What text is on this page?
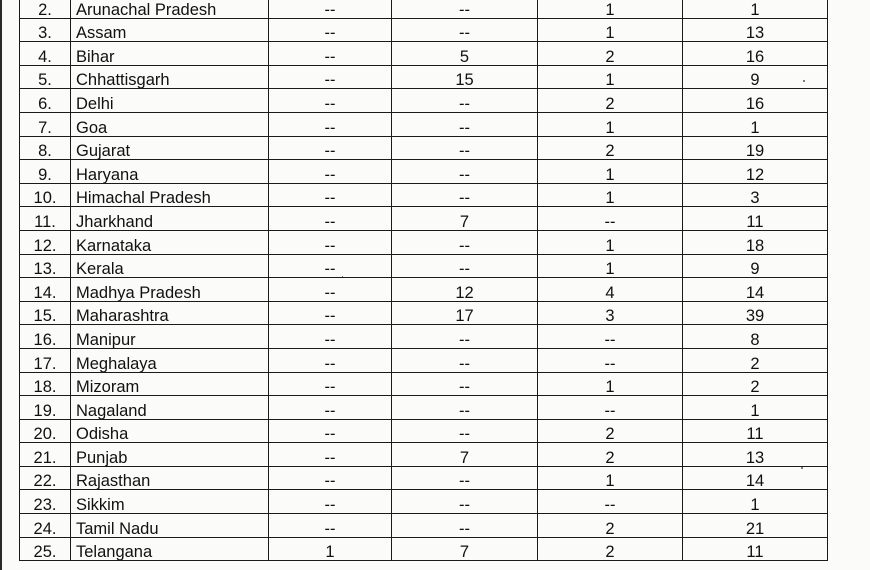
2.	Arunachal Pradesh	--	--	1	1
3.	Assam	--	--	1	13
4.	Bihar	--	5	2	16
5.	Chhattisgarh	--	15	1	9
6.	Delhi	--	--	2	16
7.	Goa	--	--	1	1
8.	Gujarat	--	--	2	19
9.	Haryana	--	--	1	12
10.	Himachal Pradesh	--	--	1	3
11.	Jharkhand	--	7	--	11
12.	Karnataka	--	--	1	18
13.	Kerala	--	--	1	9
14.	Madhya Pradesh	--	12	4	14
15.	Maharashtra	--	17	3	39
16.	Manipur	--	--	--	8
17.	Meghalaya	--	--	--	2
18.	Mizoram	--	--	1	2
19.	Nagaland	--	--	--	1
20.	Odisha	--	--	2	11
21.	Punjab	--	7	2	13
22.	Rajasthan	--	--	1	14
23.	Sikkim	--	--	--	1
24.	Tamil Nadu	--	--	2	21
25.	Telangana	1	7	2	11
